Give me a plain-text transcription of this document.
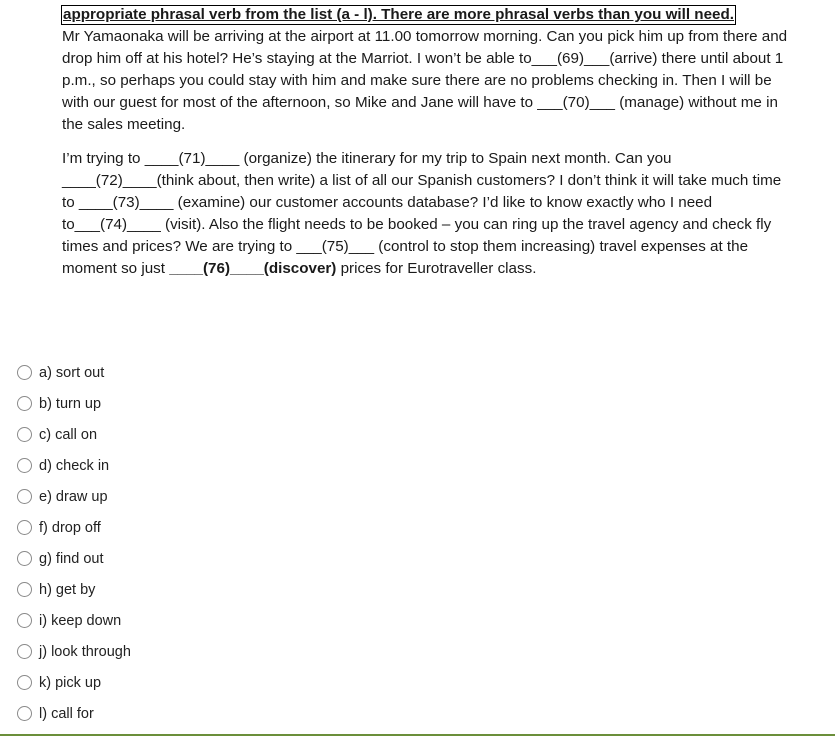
appropriate phrasal verb from the list (a - l). There are more phrasal verbs than you will need.

Mr Yamaonaka will be arriving at the airport at 11.00 tomorrow morning. Can you pick him up from there and
drop him off at his hotel? He’s staying at the Marriot. I won’t be able to___(69)___(arrive) there until about 1
p.m., so perhaps you could stay with him and make sure there are no problems checking in. Then I will be
with our guest for most of the afternoon, so Mike and Jane will have to ___(70)___ (manage) without me in
the sales meeting.

I’m trying to ____(71)____ (organize) the itinerary for my trip to Spain next month. Can you
____(72)____(think about, then write) a list of all our Spanish customers? I don’t think it will take much time
to ____(73)____ (examine) our customer accounts database? I’d like to know exactly who I need
to___(74)____ (visit). Also the flight needs to be booked – you can ring up the travel agency and check fly
times and prices? We are trying to ___(75)___ (control to stop them increasing) travel expenses at the
moment so just ____(76)____(discover) prices for Eurotraveller class.

a) sort out
b) turn up
c) call on
d) check in
e) draw up
f) drop off
g) find out
h) get by
i) keep down
j) look through
k) pick up
l) call for
